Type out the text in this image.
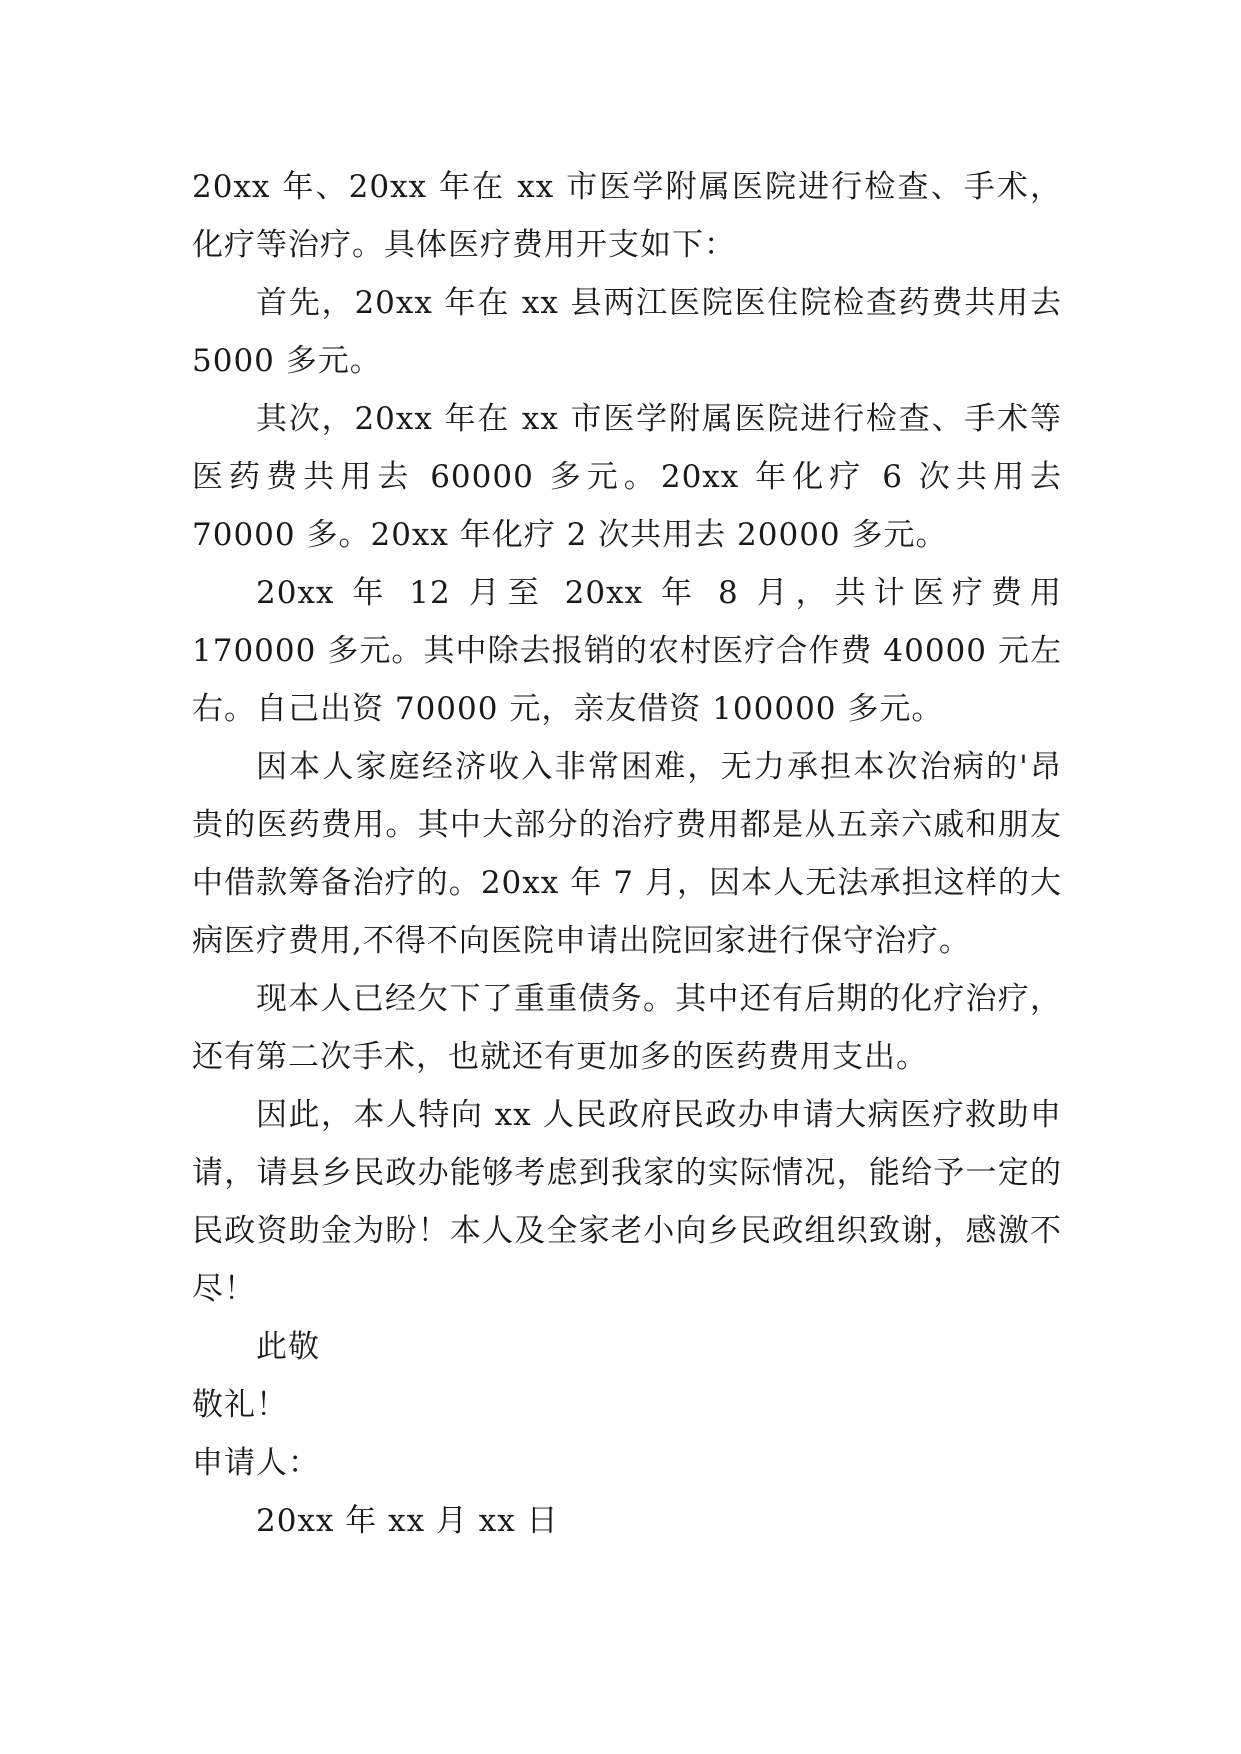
20xx 年、20xx 年在 xx 市医学附属医院进行检查、手术，化疗等治疗。具体医疗费用开支如下：

首先，20xx 年在 xx 县两江医院医住院检查药费共用去5000 多元。

其次，20xx 年在 xx 市医学附属医院进行检查、手术等医药费共用去 60000 多元。20xx 年化疗 6 次共用去 70000 多。20xx 年化疗 2 次共用去 20000 多元。

20xx 年 12 月至 20xx 年 8 月，共计医疗费用 170000 多元。其中除去报销的农村医疗合作费 40000 元左右。自己出资 70000 元，亲友借资 100000 多元。

因本人家庭经济收入非常困难，无力承担本次治病的'昂贵的医药费用。其中大部分的治疗费用都是从五亲六戚和朋友中借款筹备治疗的。20xx 年 7 月，因本人无法承担这样的大病医疗费用,不得不向医院申请出院回家进行保守治疗。

现本人已经欠下了重重债务。其中还有后期的化疗治疗，还有第二次手术，也就还有更加多的医药费用支出。

因此，本人特向 xx 人民政府民政办申请大病医疗救助申请，请县乡民政办能够考虑到我家的实际情况，能给予一定的民政资助金为盼！本人及全家老小向乡民政组织致谢，感激不尽！

此敬

敬礼！

申请人：

20xx 年 xx 月 xx 日
